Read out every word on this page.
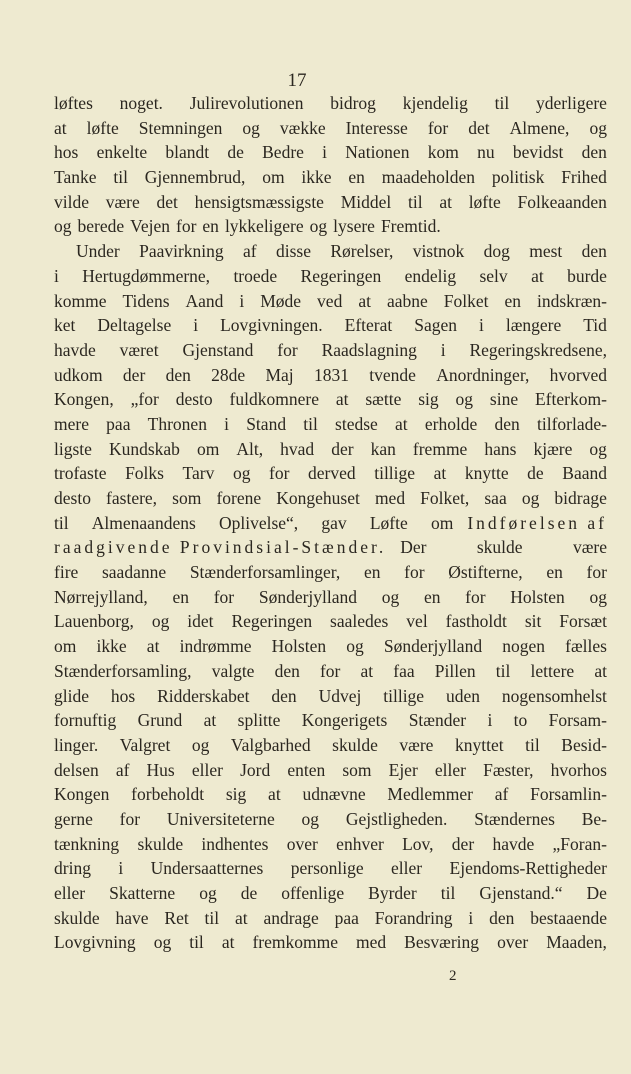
17
løftes noget. Julirevolutionen bidrog kjendelig til yderligere
at løfte Stemningen og vække Interesse for det Almene, og
hos enkelte blandt de Bedre i Nationen kom nu bevidst den
Tanke til Gjennembrud, om ikke en maadeholden politisk Frihed
vilde være det hensigtsmæssigste Middel til at løfte Folkeaanden
og berede Vejen for en lykkeligere og lysere Fremtid.
Under Paavirkning af disse Rørelser, vistnok dog mest den
i Hertugdømmerne, troede Regeringen endelig selv at burde
komme Tidens Aand i Møde ved at aabne Folket en indskræn-
ket Deltagelse i Lovgivningen. Efterat Sagen i længere Tid
havde været Gjenstand for Raadslagning i Regeringskredsene,
udkom der den 28de Maj 1831 tvende Anordninger, hvorved
Kongen, „for desto fuldkomnere at sætte sig og sine Efterkom-
mere paa Thronen i Stand til stedse at erholde den tilforlade-
ligste Kundskab om Alt, hvad der kan fremme hans kjære og
trofaste Folks Tarv og for derved tillige at knytte de Baand
desto fastere, som forene Kongehuset med Folket, saa og bidrage
til Almenaandens Oplivelse“, gav Løfte om Indførelsen af
raadgivende Provindsial-Stænder. Der	skulde	være
fire saadanne Stænderforsamlinger, en for Østifterne, en for
Nørrejylland, en for Sønderjylland og en for Holsten og
Lauenborg, og idet Regeringen saaledes vel fastholdt sit Forsæt
om ikke at indrømme Holsten og Sønderjylland nogen fælles
Stænderforsamling, valgte den for at faa Pillen til lettere at
glide hos Ridderskabet den Udvej tillige uden nogensomhelst
fornuftig Grund at splitte Kongerigets Stænder i to Forsam-
linger. Valgret og Valgbarhed skulde være knyttet til Besid-
delsen af Hus eller Jord enten som Ejer eller Fæster, hvorhos
Kongen forbeholdt sig at udnævne Medlemmer af Forsamlin-
gerne for Universiteterne og Gejstligheden. Stændernes Be-
tænkning skulde indhentes over enhver Lov, der havde „Foran-
dring i Undersaatternes personlige eller Ejendoms-Rettigheder
eller Skatterne og de offenlige Byrder til Gjenstand.“ De
skulde have Ret til at andrage paa Forandring i den bestaaende
Lovgivning og til at fremkomme med Besværing over Maaden,
2
